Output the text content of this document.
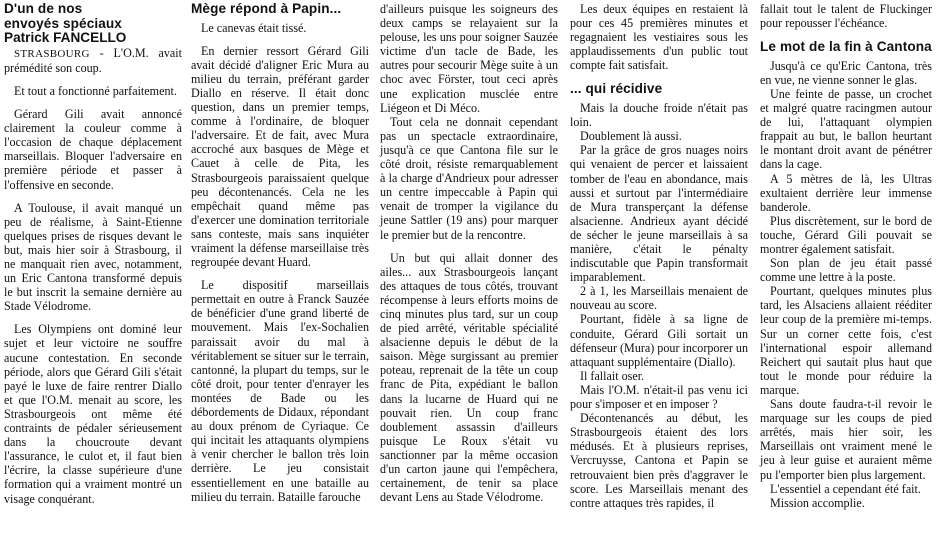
D'un de nos
envoyés spéciaux
Patrick FANCELLO

STRASBOURG - L'O.M. avait prémédité son coup.

Et tout a fonctionné parfaitement.

Gérard Gili avait annoncé clairement la couleur comme à l'occasion de chaque déplacement marseillais. Bloquer l'adversaire en première période et passer à l'offensive en seconde.

A Toulouse, il avait manqué un peu de réalisme, à Saint-Etienne quelques prises de risques devant le but, mais hier soir à Strasbourg, il ne manquait rien avec, notamment, un Eric Cantona transformé depuis le but inscrit la semaine dernière au Stade Vélodrome.

Les Olympiens ont dominé leur sujet et leur victoire ne souffre aucune contestation. En seconde période, alors que Gérard Gili s'était payé le luxe de faire rentrer Diallo et que l'O.M. menait au score, les Strasbourgeois ont même été contraints de pédaler sérieusement dans la choucroute devant l'assurance, le culot et, il faut bien l'écrire, la classe supérieure d'une formation qui a vraiment montré un visage conquérant.

Mège répond à Papin...

Le canevas était tissé.

En dernier ressort Gérard Gili avait décidé d'aligner Eric Mura au milieu du terrain, préférant garder Diallo en réserve. Il était donc question, dans un premier temps, comme à l'ordinaire, de bloquer l'adversaire. Et de fait, avec Mura accroché aux basques de Mège et Cauet à celle de Pita, les Strasbourgeois paraissaient quelque peu décontenancés. Cela ne les empêchait quand même pas d'exercer une domination territoriale sans conteste, mais sans inquiéter vraiment la défense marseillaise très regroupée devant Huard.

Le dispositif marseillais permettait en outre à Franck Sauzée de bénéficier d'une grand liberté de mouvement. Mais l'ex-Sochalien paraissait avoir du mal à véritablement se situer sur le terrain, cantonné, la plupart du temps, sur le côté droit, pour tenter d'enrayer les montées de Bade ou les débordements de Didaux, répondant au doux prénom de Cyriaque. Ce qui incitait les attaquants olympiens à venir chercher le ballon très loin derrière. Le jeu consistait essentiellement en une bataille au milieu du terrain. Bataille farouche

d'ailleurs puisque les soigneurs des deux camps se relayaient sur la pelouse, les uns pour soigner Sauzée victime d'un tacle de Bade, les autres pour secourir Mège suite à un choc avec Förster, tout ceci après une explication musclée entre Liégeon et Di Méco.

Tout cela ne donnait cependant pas un spectacle extraordinaire, jusqu'à ce que Cantona file sur le côté droit, résiste remarquablement à la charge d'Andrieux pour adresser un centre impeccable à Papin qui venait de tromper la vigilance du jeune Sattler (19 ans) pour marquer le premier but de la rencontre.

Un but qui allait donner des ailes... aux Strasbourgeois lançant des attaques de tous côtés, trouvant récompense à leurs efforts moins de cinq minutes plus tard, sur un coup de pied arrêté, véritable spécialité alsacienne depuis le début de la saison. Mège surgissant au premier poteau, reprenait de la tête un coup franc de Pita, expédiant le ballon dans la lucarne de Huard qui ne pouvait rien. Un coup franc doublement assassin d'ailleurs puisque Le Roux s'était vu sanctionner par la même occasion d'un carton jaune qui l'empêchera, certainement, de tenir sa place devant Lens au Stade Vélodrome.

Les deux équipes en restaient là pour ces 45 premières minutes et regagnaient les vestiaires sous les applaudissements d'un public tout compte fait satisfait.

... qui récidive

Mais la douche froide n'était pas loin.

Doublement là aussi.

Par la grâce de gros nuages noirs qui venaient de percer et laissaient tomber de l'eau en abondance, mais aussi et surtout par l'intermédiaire de Mura transperçant la défense alsacienne. Andrieux ayant décidé de sécher le jeune marseillais à sa manière, c'était le pénalty indiscutable que Papin transformait imparablement.

2 à 1, les Marseillais menaient de nouveau au score.

Pourtant, fidèle à sa ligne de conduite, Gérard Gili sortait un défenseur (Mura) pour incorporer un attaquant supplémentaire (Diallo).

Il fallait oser.

Mais l'O.M. n'était-il pas venu ici pour s'imposer et en imposer ?

Décontenancés au début, les Strasbourgeois étaient des lors médusés. Et à plusieurs reprises, Vercruysse, Cantona et Papin se retrouvaient bien près d'aggraver le score. Les Marseillais menant des contre attaques très rapides, il

fallait tout le talent de Fluckinger pour repousser l'échéance.

Le mot de la fin à Cantona

Jusqu'à ce qu'Eric Cantona, très en vue, ne vienne sonner le glas.

Une feinte de passe, un crochet et malgré quatre racingmen autour de lui, l'attaquant olympien frappait au but, le ballon heurtant le montant droit avant de pénétrer dans la cage.

A 5 mètres de là, les Ultras exultaient derrière leur immense banderole.

Plus discrètement, sur le bord de touche, Gérard Gili pouvait se montrer également satisfait.

Son plan de jeu était passé comme une lettre à la poste.

Pourtant, quelques minutes plus tard, les Alsaciens allaient rééditer leur coup de la première mi-temps. Sur un corner cette fois, c'est l'international espoir allemand Reichert qui sautait plus haut que tout le monde pour réduire la marque.

Sans doute faudra-t-il revoir le marquage sur les coups de pied arrêtés, mais hier soir, les Marseillais ont vraiment mené le jeu à leur guise et auraient même pu l'emporter bien plus largement.

L'essentiel a cependant été fait.

Mission accomplie.
